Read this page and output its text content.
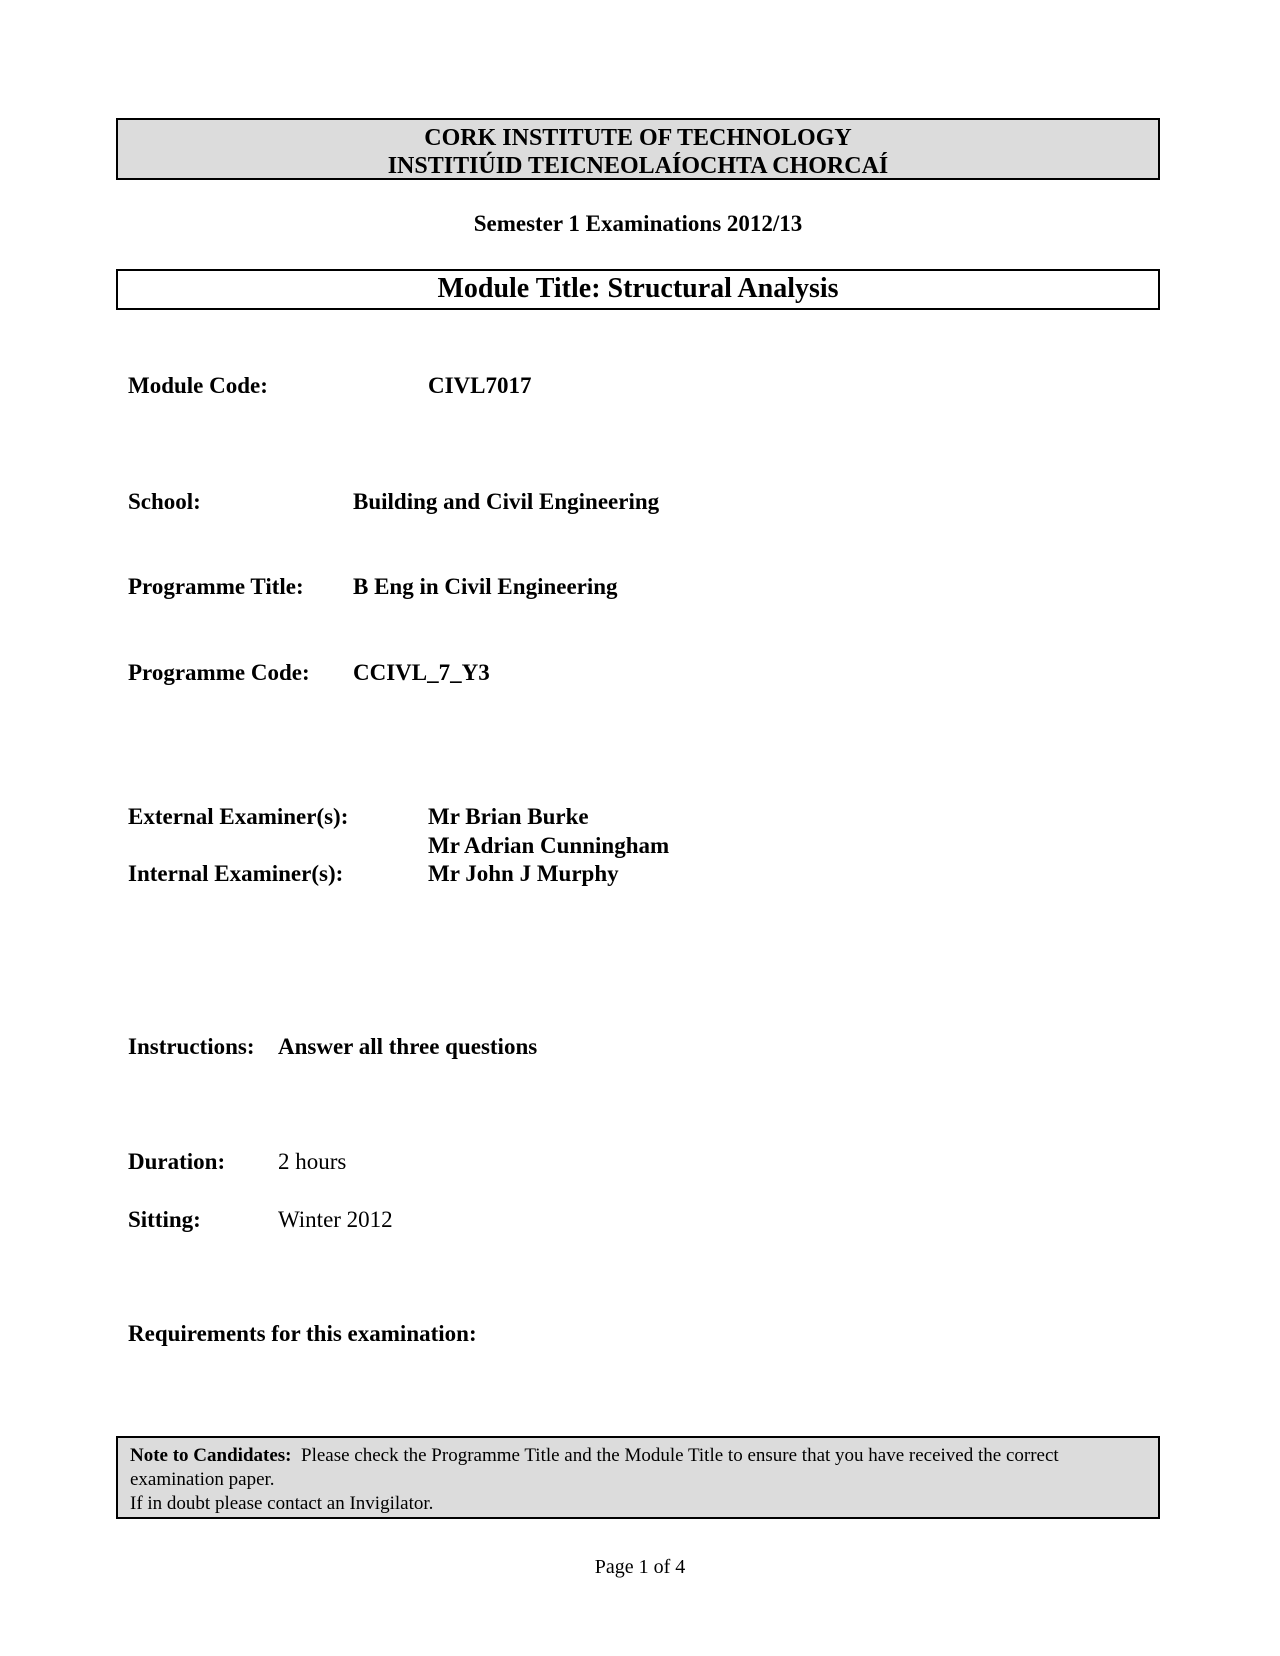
CORK INSTITUTE OF TECHNOLOGY
INSTITIÚID TEICNEOLAÍOCHTA CHORCAÍ
Semester 1 Examinations 2012/13
Module Title: Structural Analysis
Module Code:	CIVL7017
School:	Building and Civil Engineering
Programme Title: B Eng in Civil Engineering
Programme Code: CCIVL_7_Y3
External Examiner(s):	Mr Brian Burke
Mr Adrian Cunningham
Internal Examiner(s):	Mr John J Murphy
Instructions: Answer all three questions
Duration: 2 hours
Sitting:	Winter 2012
Requirements for this examination:
Note to Candidates: Please check the Programme Title and the Module Title to ensure that you have received the correct examination paper.
If in doubt please contact an Invigilator.
Page 1 of 4
